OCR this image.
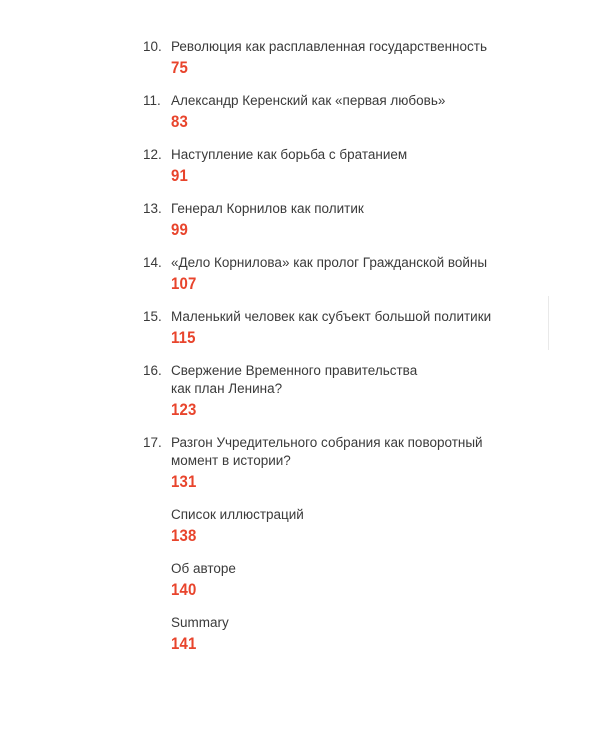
10. Революция как расплавленная государственность
75
11. Александр Керенский как «первая любовь»
83
12. Наступление как борьба с братанием
91
13. Генерал Корнилов как политик
99
14. «Дело Корнилова» как пролог Гражданской войны
107
15. Маленький человек как субъект большой политики
115
16. Свержение Временного правительства
как план Ленина?
123
17. Разгон Учредительного собрания как поворотный
момент в истории?
131
Список иллюстраций
138
Об авторе
140
Summary
141
